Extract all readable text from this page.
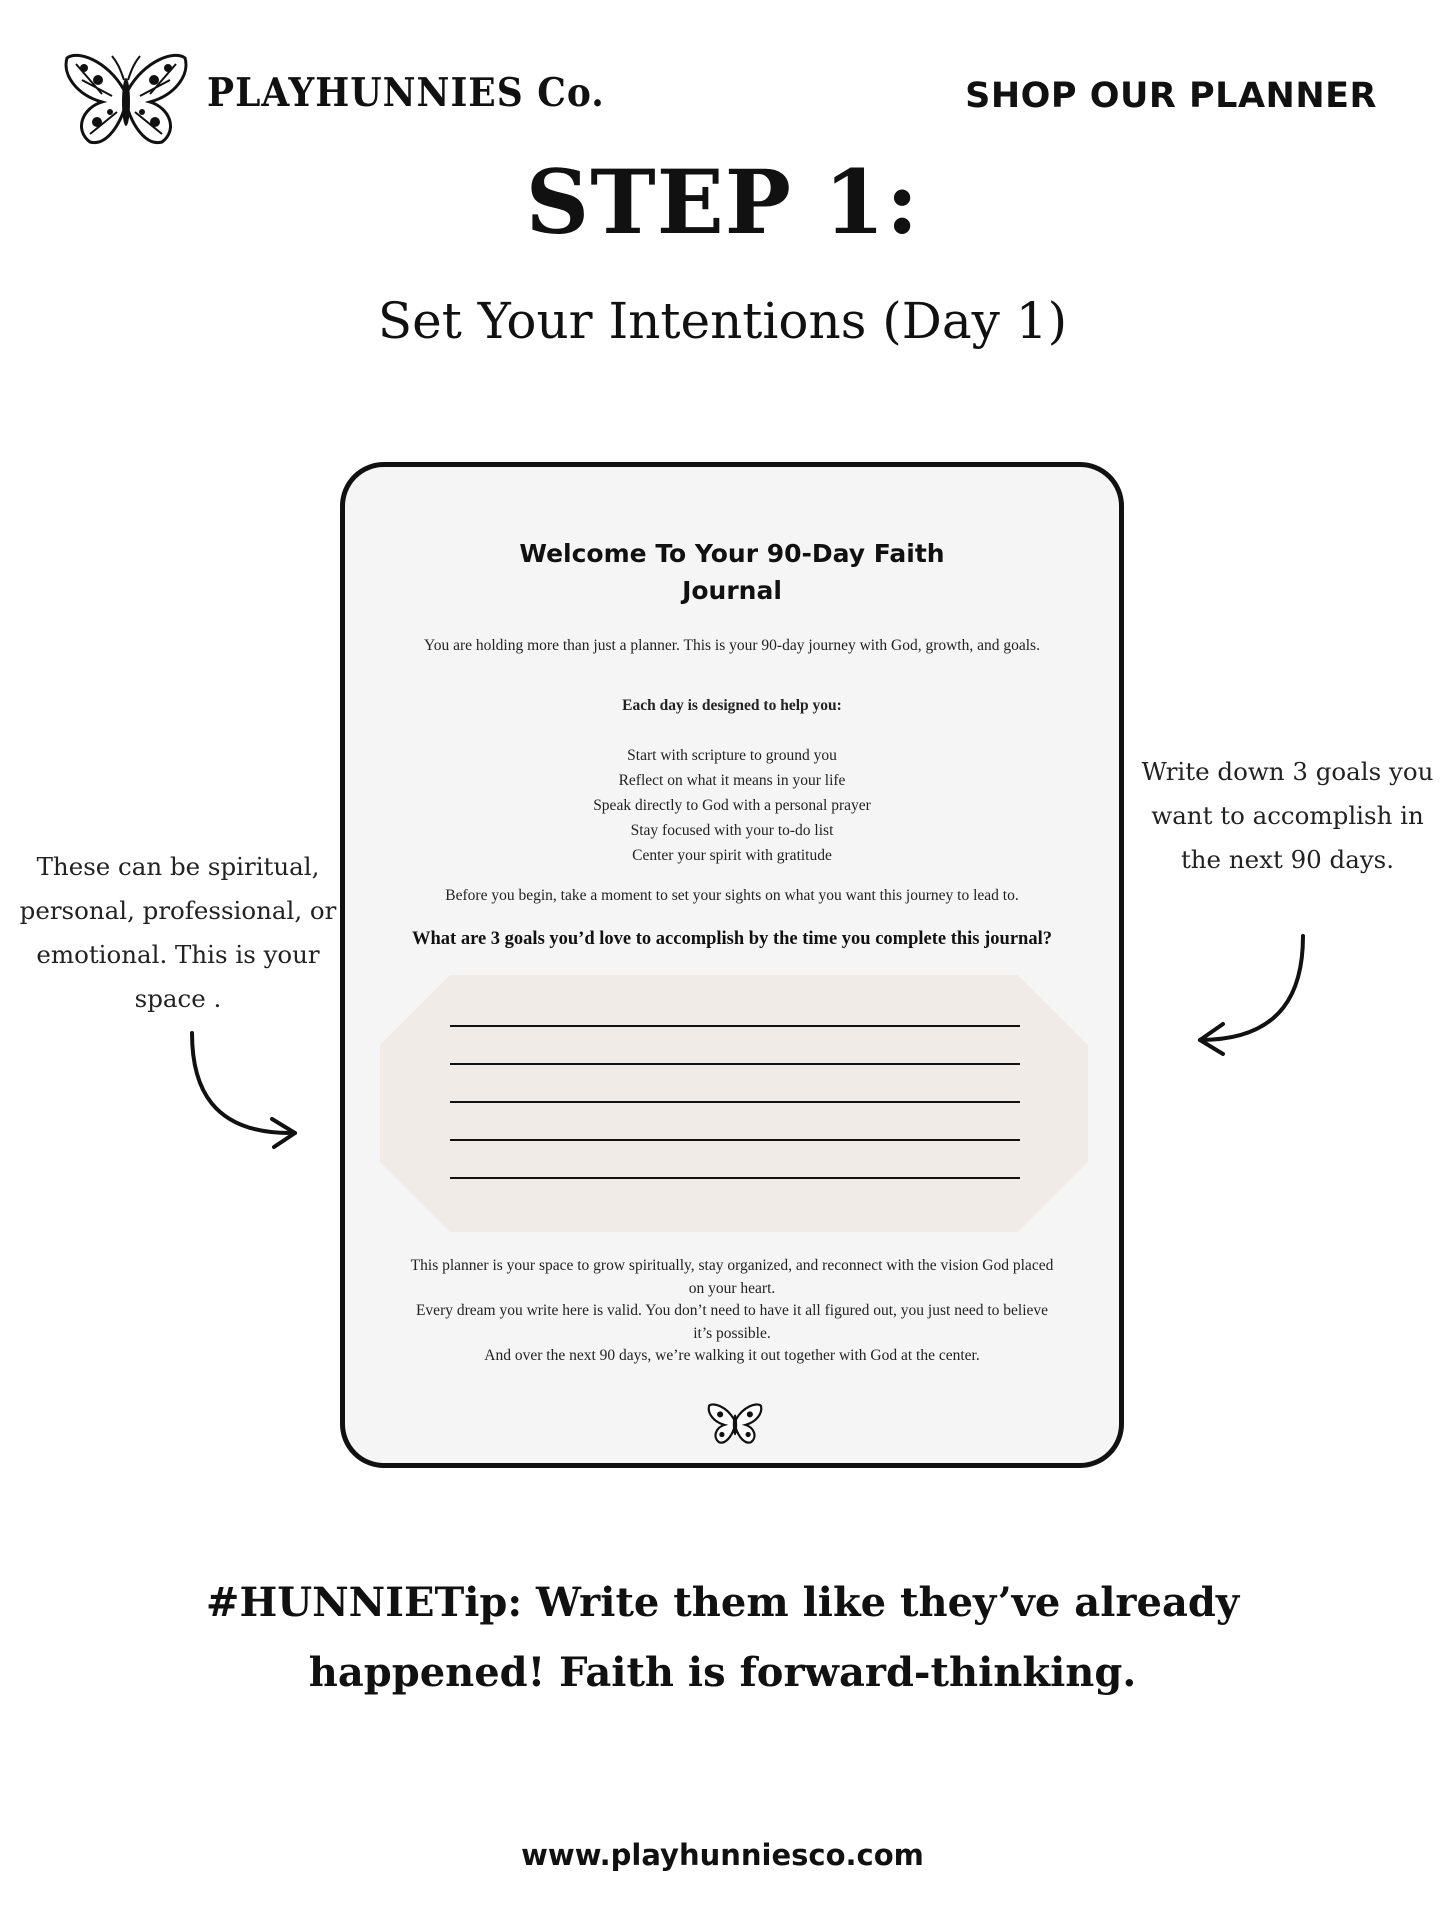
PLAYHUNNIES Co.	SHOP OUR PLANNER
STEP 1:
Set Your Intentions (Day 1)
Welcome To Your 90-Day Faith
Journal
You are holding more than just a planner. This is your 90-day journey with God, growth, and goals.
Each day is designed to help you:
Start with scripture to ground you
Reflect on what it means in your life
Speak directly to God with a personal prayer
Stay focused with your to-do list
Center your spirit with gratitude
Before you begin, take a moment to set your sights on what you want this journey to lead to.
What are 3 goals you’d love to accomplish by the time you complete this journal?
This planner is your space to grow spiritually, stay organized, and reconnect with the vision God placed on your heart.
Every dream you write here is valid. You don’t need to have it all figured out, you just need to believe it’s possible.
And over the next 90 days, we’re walking it out together with God at the center.
These can be spiritual, personal, professional, or emotional. This is your space .
Write down 3 goals you want to accomplish in the next 90 days.
#HUNNIETip: Write them like they’ve already
happened! Faith is forward-thinking.
www.playhunniesco.com
